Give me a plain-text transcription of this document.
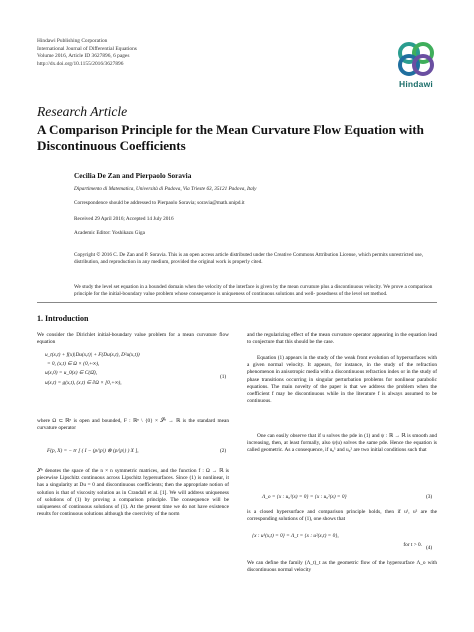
Hindawi Publishing Corporation
International Journal of Differential Equations
Volume 2016, Article ID 3627896, 6 pages
http://dx.doi.org/10.1155/2016/3627896
Hindawi
Research Article
A Comparison Principle for the Mean Curvature Flow Equation with Discontinuous Coefficients
Cecilia De Zan and Pierpaolo Soravia
Dipartimento di Matematica, Università di Padova, Via Trieste 63, 35121 Padova, Italy
Correspondence should be addressed to Pierpaolo Soravia; soravia@math.unipd.it
Received 29 April 2016; Accepted 14 July 2016
Academic Editor: Yoshikazu Giga
Copyright © 2016 C. De Zan and P. Soravia. This is an open access article distributed under the Creative Commons Attribution License, which permits unrestricted use, distribution, and reproduction in any medium, provided the original work is properly cited.
We study the level set equation in a bounded domain when the velocity of the interface is given by the mean curvature plus a discontinuous velocity. We prove a comparison principle for the initial-boundary value problem whose consequence is uniqueness of continuous solutions and well- posedness of the level set method.
1. Introduction
We consider the Dirichlet initial-boundary value problem for a mean curvature flow equation
u_t(x,t) + f(x)|Du(x,t)| + F(Du(x,t), D²u(x,t))
= 0, (x,t) ∈ Ω × (0,+∞),
u(x,0) = u_0(x) ∈ C(Ω̄),
u(x,t) = g(x,t), (x,t) ∈ ∂Ω × [0,+∞),
(1)
where Ω ⊂ ℝⁿ is open and bounded, F : ℝⁿ \ {0} × 𝒮ⁿ → ℝ is the standard mean curvature operator
F(p, X) = − tr [ ( I − (p/|p|) ⊗ (p/|p|) ) X ],	(2)
𝒮ⁿ denotes the space of the n × n symmetric matrices, and the function f : Ω → ℝ is piecewise Lipschitz continuous across Lipschitz hypersurfaces. Since (1) is nonlinear, it has a singularity at Du = 0 and discontinuous coefficients; then the appropriate notion of solution is that of viscosity solution as in Crandall et al. [1]. We will address uniqueness of solutions of (1) by proving a comparison principle. The consequence will be uniqueness of continuous solutions of (1). At the present time we do not have existence results for continuous solutions although the coercivity of the norm
and the regularizing effect of the mean curvature operator appearing in the equation lead to conjecture that this should be the case.
Equation (1) appears in the study of the weak front evolution of hypersurfaces with a given normal velocity. It appears, for instance, in the study of the refraction phenomenon in anisotropic media with a discontinuous refraction index or in the study of phase transitions occurring in singular perturbation problems for nonlinear parabolic equations. The main novelty of the paper is that we address the problem when the coefficient f may be discontinuous while in the literature f is always assumed to be continuous.
One can easily observe that if u solves the pde in (1) and ψ : ℝ → ℝ is smooth and increasing, then, at least formally, also ψ(u) solves the same pde. Hence the equation is called geometric. As a consequence, if u₀¹ and u₀² are two initial conditions such that
Λ_o = {x : u₀¹(x) = 0} = {x : u₀²(x) = 0}	(3)
is a closed hypersurface and comparison principle holds, then if u¹, u² are the corresponding solutions of (1), one shows that
{x : u¹(x,t) = 0} = Λ_t = {x : u²(x,t) = 0},
for t > 0. (4)
We can define the family (Λ_t)_t as the geometric flow of the hypersurface Λ_o with discontinuous normal velocity
